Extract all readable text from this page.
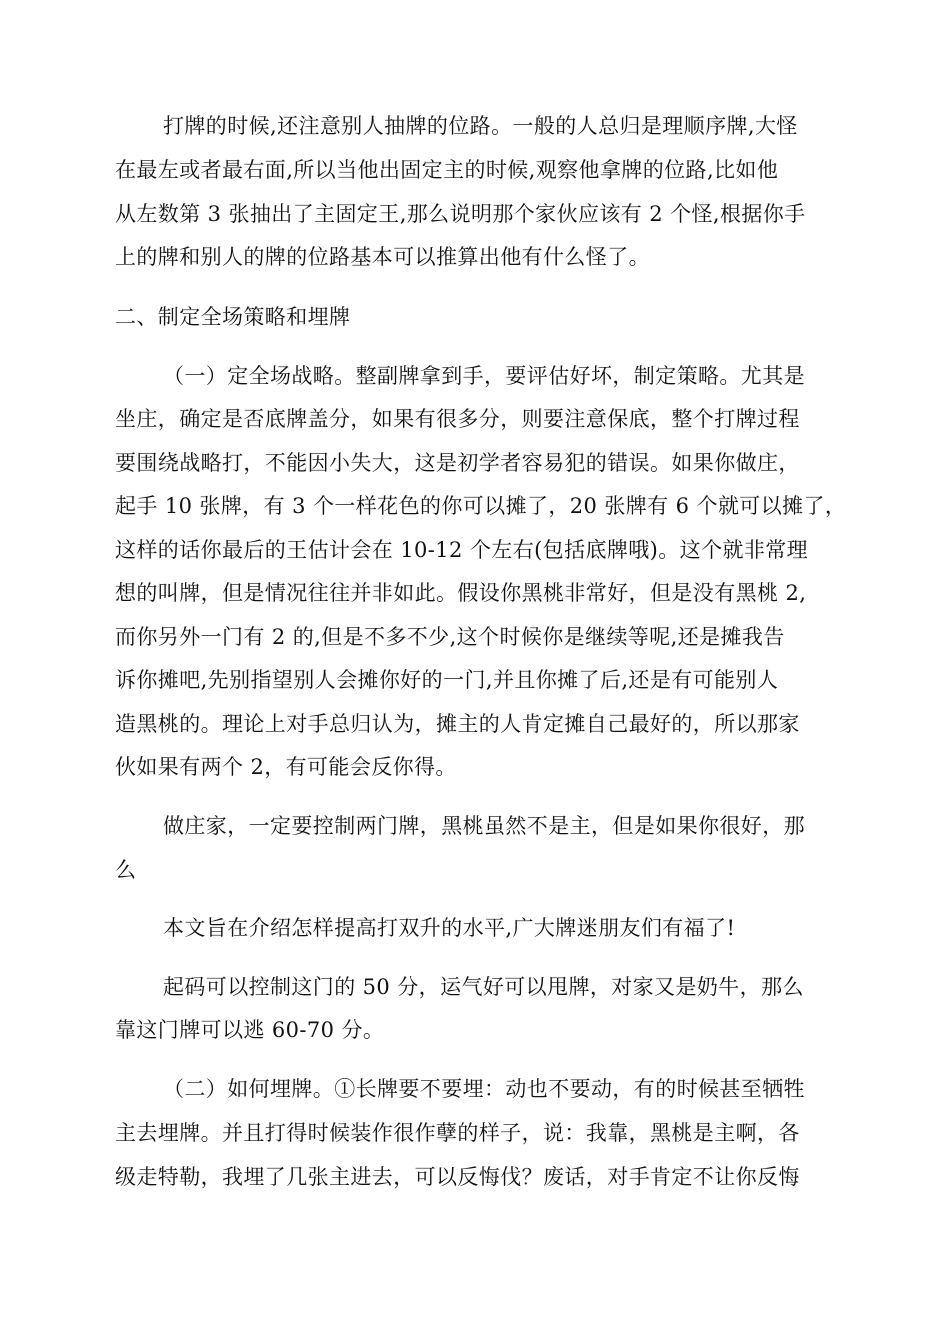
打牌的时候,还注意别人抽牌的位路。一般的人总归是理顺序牌,大怪
在最左或者最右面,所以当他出固定主的时候,观察他拿牌的位路,比如他
从左数第 3 张抽出了主固定王,那么说明那个家伙应该有 2 个怪,根据你手
上的牌和别人的牌的位路基本可以推算出他有什么怪了。
二、制定全场策略和埋牌
（一）定全场战略。整副牌拿到手，要评估好坏，制定策略。尤其是
坐庄，确定是否底牌盖分，如果有很多分，则要注意保底，整个打牌过程
要围绕战略打，不能因小失大，这是初学者容易犯的错误。如果你做庄，
起手 10 张牌，有 3 个一样花色的你可以摊了，20 张牌有 6 个就可以摊了，
这样的话你最后的王估计会在 10-12 个左右(包括底牌哦)。这个就非常理
想的叫牌，但是情况往往并非如此。假设你黑桃非常好，但是没有黑桃 2,
而你另外一门有 2 的,但是不多不少,这个时候你是继续等呢,还是摊我告
诉你摊吧,先别指望别人会摊你好的一门,并且你摊了后,还是有可能别人
造黑桃的。理论上对手总归认为，摊主的人肯定摊自己最好的，所以那家
伙如果有两个 2，有可能会反你得。
做庄家，一定要控制两门牌，黑桃虽然不是主，但是如果你很好，那
么
本文旨在介绍怎样提高打双升的水平,广大牌迷朋友们有福了!
起码可以控制这门的 50 分，运气好可以甩牌，对家又是奶牛，那么
靠这门牌可以逃 60-70 分。
（二）如何埋牌。①长牌要不要埋：动也不要动，有的时候甚至牺牲
主去埋牌。并且打得时候装作很作孽的样子，说：我靠，黑桃是主啊，各
级走特勒，我埋了几张主进去，可以反悔伐？废话，对手肯定不让你反悔
